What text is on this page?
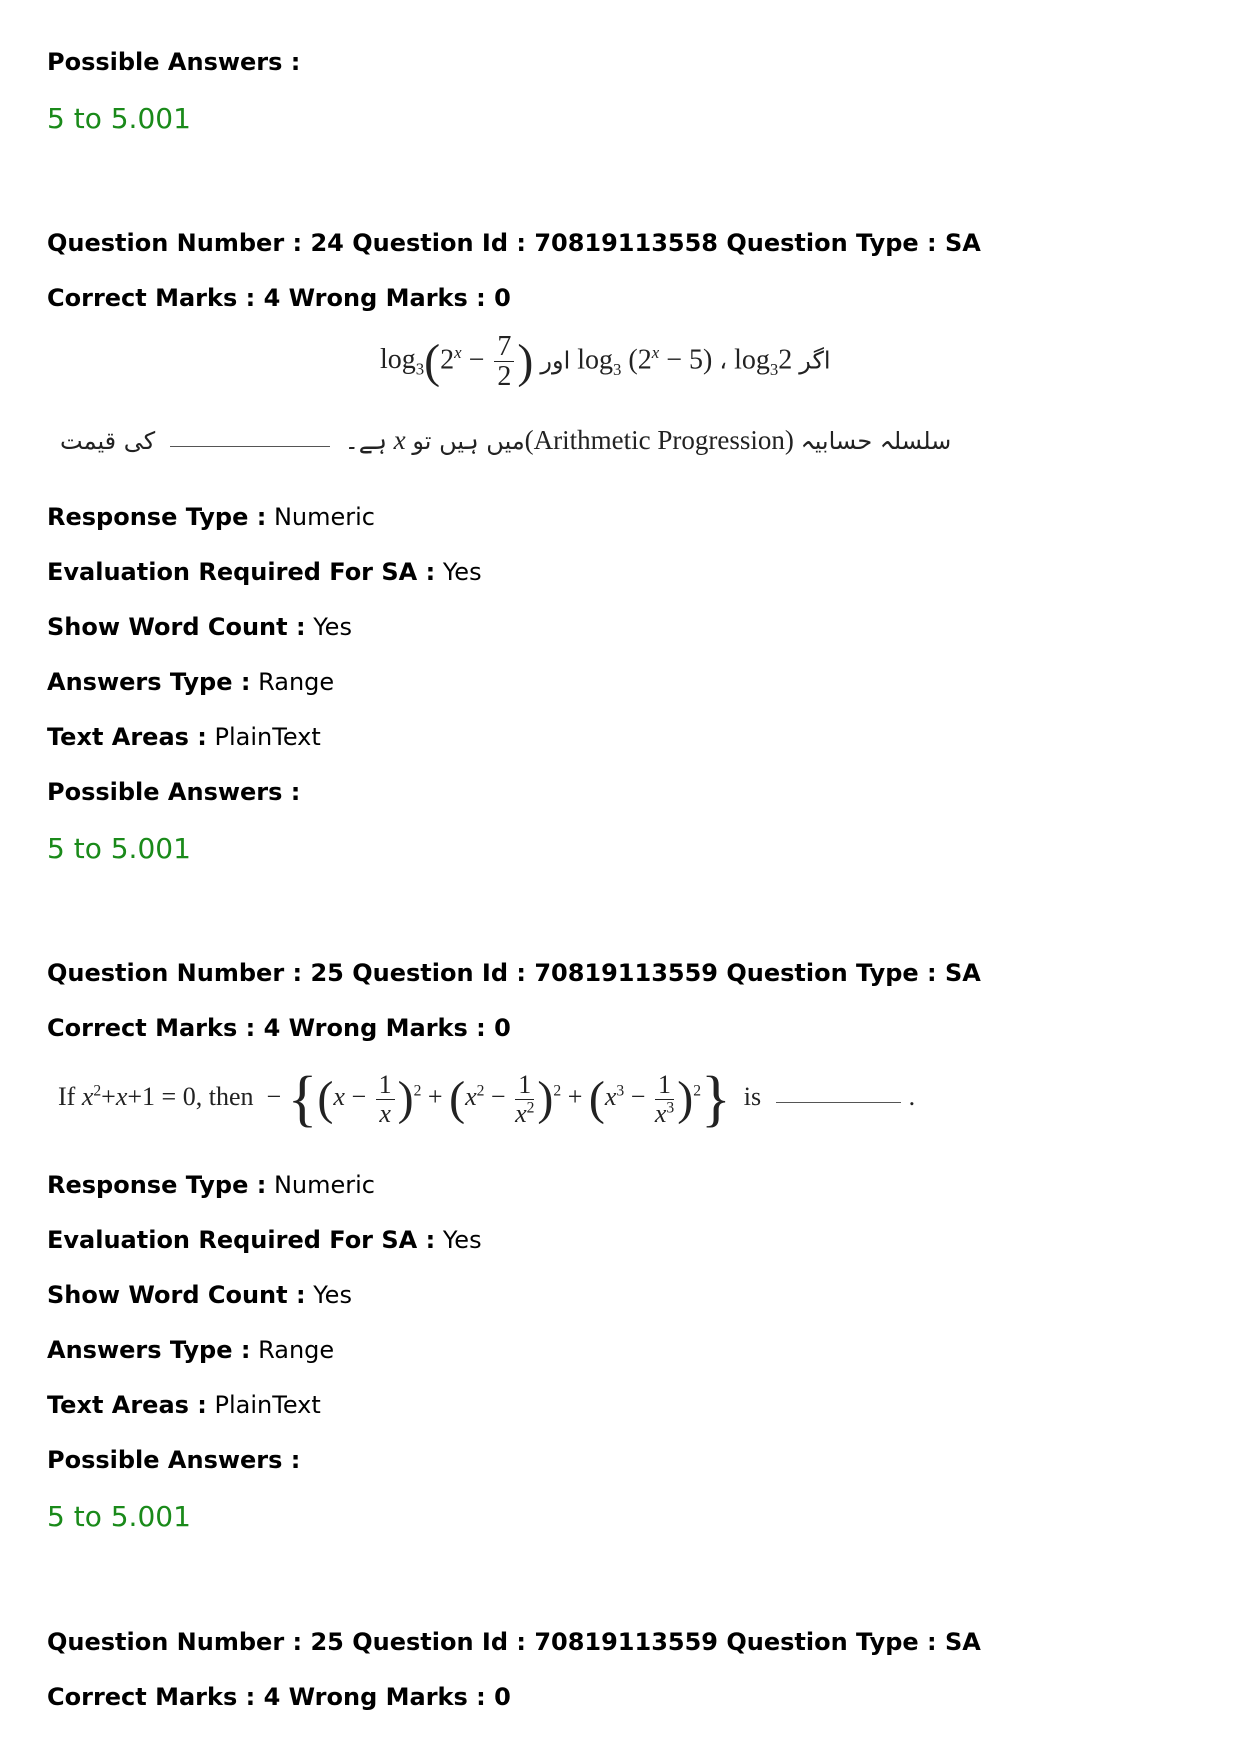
Possible Answers :
5 to 5.001
Question Number : 24 Question Id : 70819113558 Question Type : SA
Correct Marks : 4 Wrong Marks : 0
$\log_3(2^x - \frac{7}{2}$ ) اور $\log_3 (2^x - 5)$ ، $\log_32$ اگر
ہے۔  کی قیمت	x میں ہیں تو(Arithmetic Progression) سلسلہ حسابیہ
Response Type : Numeric
Evaluation Required For SA : Yes
Show Word Count : Yes
Answers Type : Range
Text Areas : PlainText
Possible Answers :
5 to 5.001
Question Number : 25 Question Id : 70819113559 Question Type : SA
Correct Marks : 4 Wrong Marks : 0
If $x^2+x+1 = 0$, then  − $\{(x - \frac{1}{x} )^2 + (x^2 - \frac{1}{x^2} )^2 + (x^3 - \frac{1}{x^3} )^2\}$ is	.
Response Type : Numeric
Evaluation Required For SA : Yes
Show Word Count : Yes
Answers Type : Range
Text Areas : PlainText
Possible Answers :
5 to 5.001
Question Number : 25 Question Id : 70819113559 Question Type : SA
Correct Marks : 4 Wrong Marks : 0
